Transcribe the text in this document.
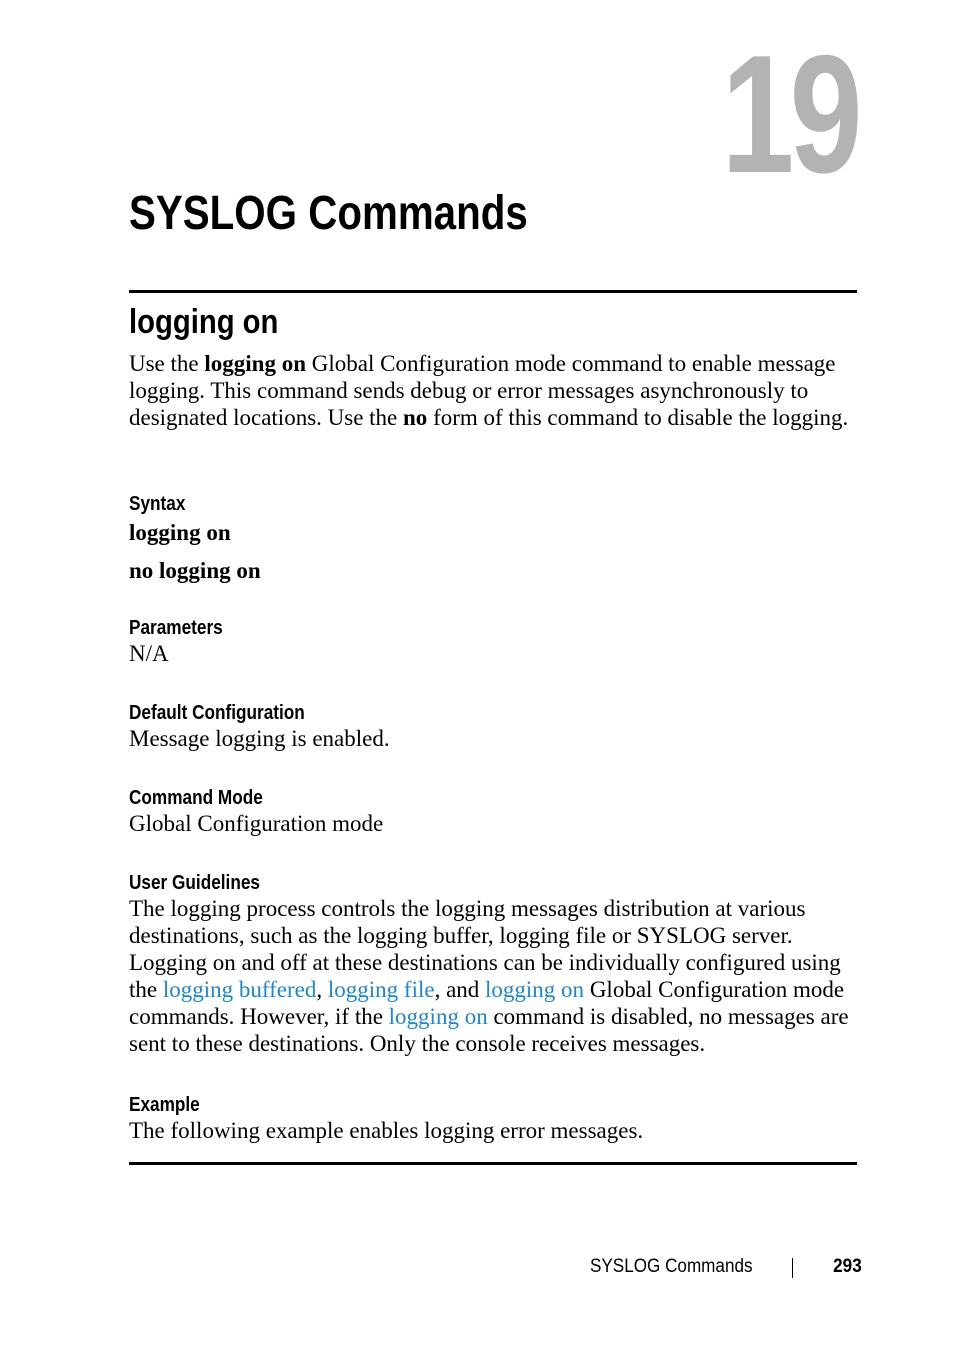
19
SYSLOG Commands
logging on

Use the logging on Global Configuration mode command to enable message logging. This command sends debug or error messages asynchronously to designated locations. Use the no form of this command to disable the logging.

Syntax

logging on

no logging on

Parameters

N/A

Default Configuration

Message logging is enabled.

Command Mode

Global Configuration mode

User Guidelines

The logging process controls the logging messages distribution at various destinations, such as the logging buffer, logging file or SYSLOG server. Logging on and off at these destinations can be individually configured using the logging buffered, logging file, and logging on Global Configuration mode commands. However, if the logging on command is disabled, no messages are sent to these destinations. Only the console receives messages.

Example

The following example enables logging error messages.

SYSLOG Commands	293
